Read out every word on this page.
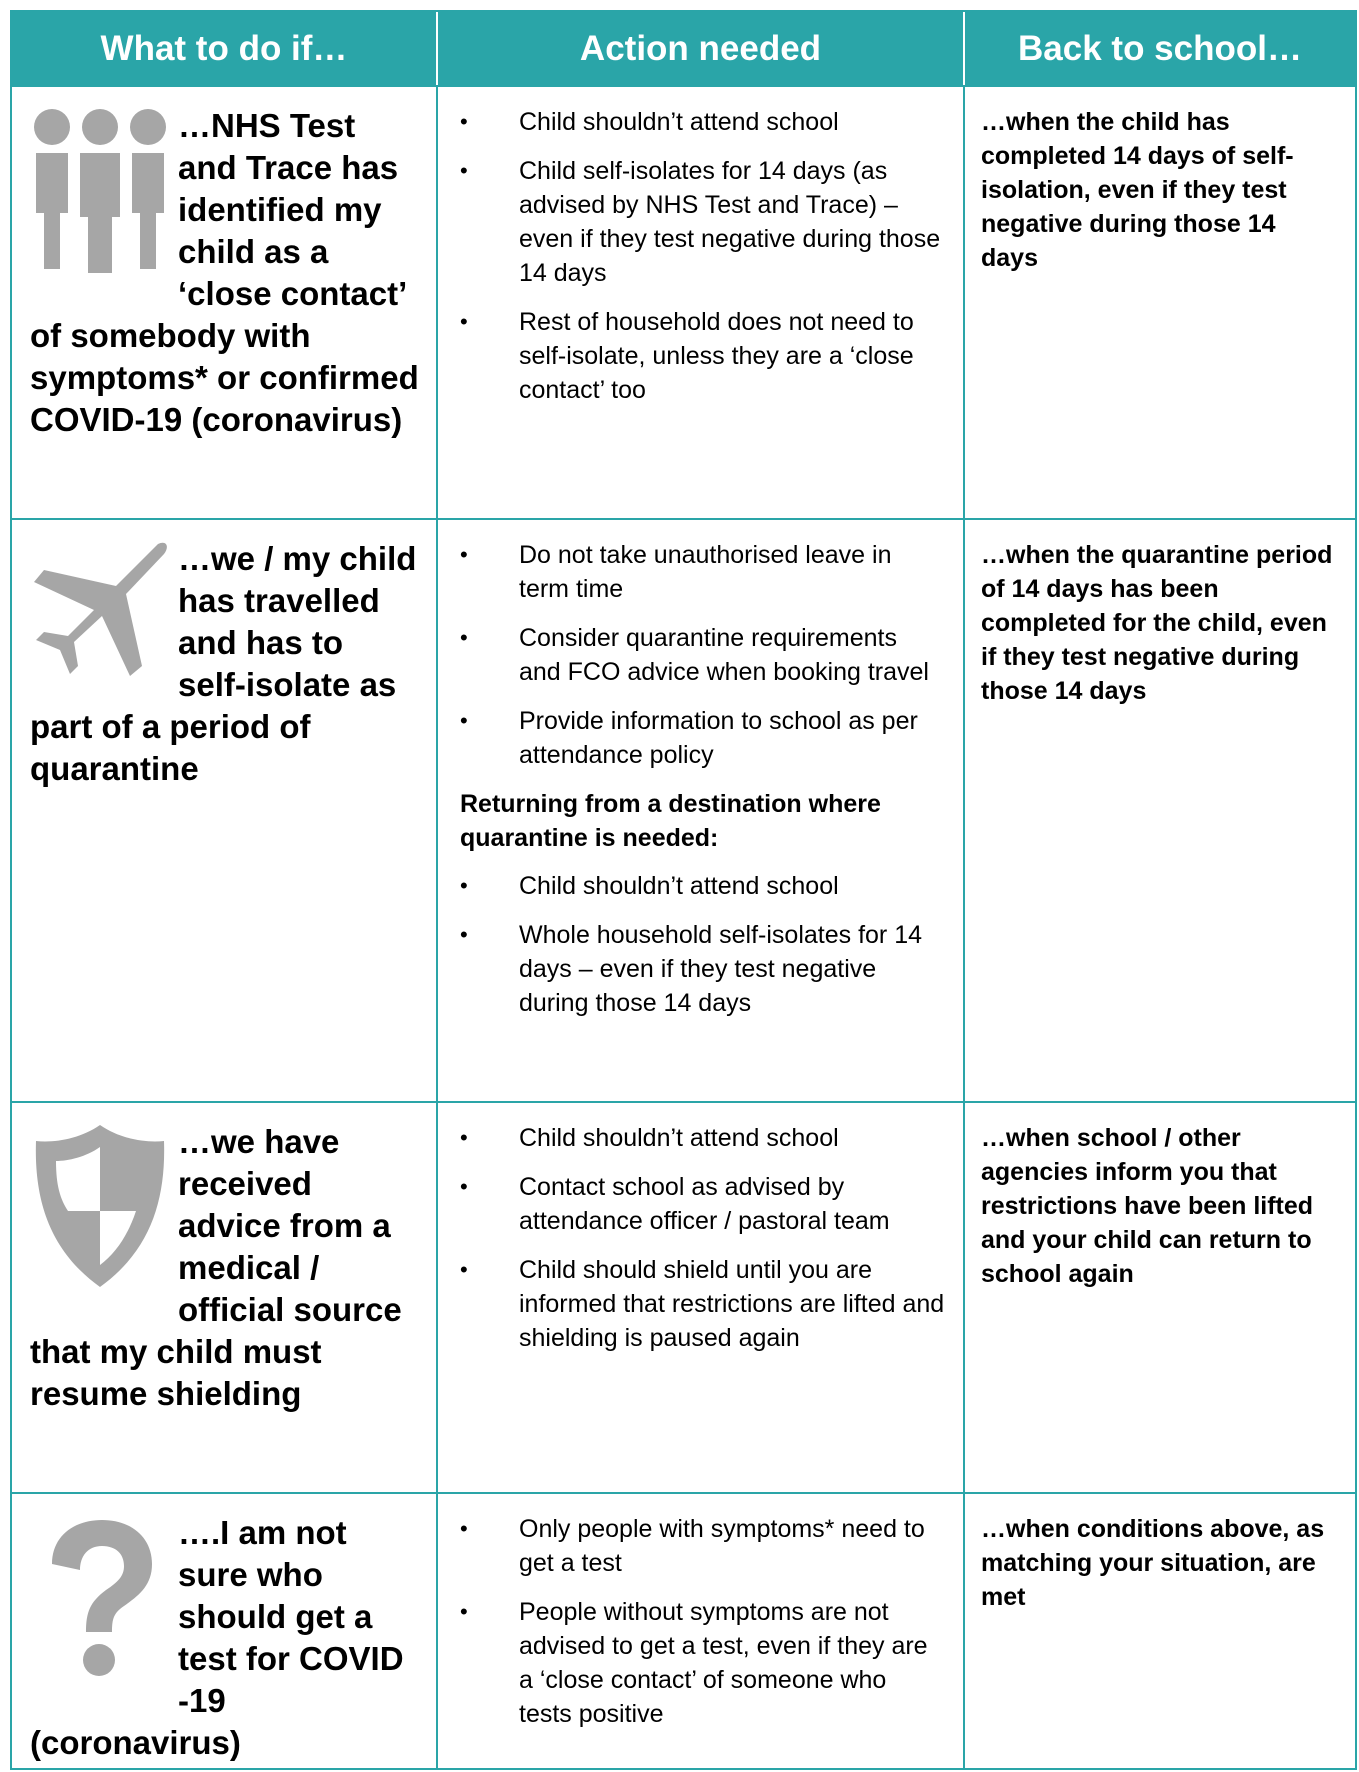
What to do if…	Action needed	Back to school…
…NHS Test and Trace has identified my child as a ‘close contact’ of somebody with symptoms* or confirmed COVID-19 (coronavirus)
• Child shouldn’t attend school
• Child self-isolates for 14 days (as advised by NHS Test and Trace) – even if they test negative during those 14 days
• Rest of household does not need to self-isolate, unless they are a ‘close contact’ too
…when the child has completed 14 days of self-isolation, even if they test negative during those 14 days
…we / my child has travelled and has to self-isolate as part of a period of quarantine
• Do not take unauthorised leave in term time
• Consider quarantine requirements and FCO advice when booking travel
• Provide information to school as per attendance policy
Returning from a destination where quarantine is needed:
• Child shouldn’t attend school
• Whole household self-isolates for 14 days – even if they test negative during those 14 days
…when the quarantine period of 14 days has been completed for the child, even if they test negative during those 14 days
…we have received advice from a medical / official source that my child must resume shielding
• Child shouldn’t attend school
• Contact school as advised by attendance officer / pastoral team
• Child should shield until you are informed that restrictions are lifted and shielding is paused again
…when school / other agencies inform you that restrictions have been lifted and your child can return to school again
….I am not sure who should get a test for COVID -19 (coronavirus)
• Only people with symptoms* need to get a test
• People without symptoms are not advised to get a test, even if they are a ‘close contact’ of someone who tests positive
…when conditions above, as matching your situation, are met
